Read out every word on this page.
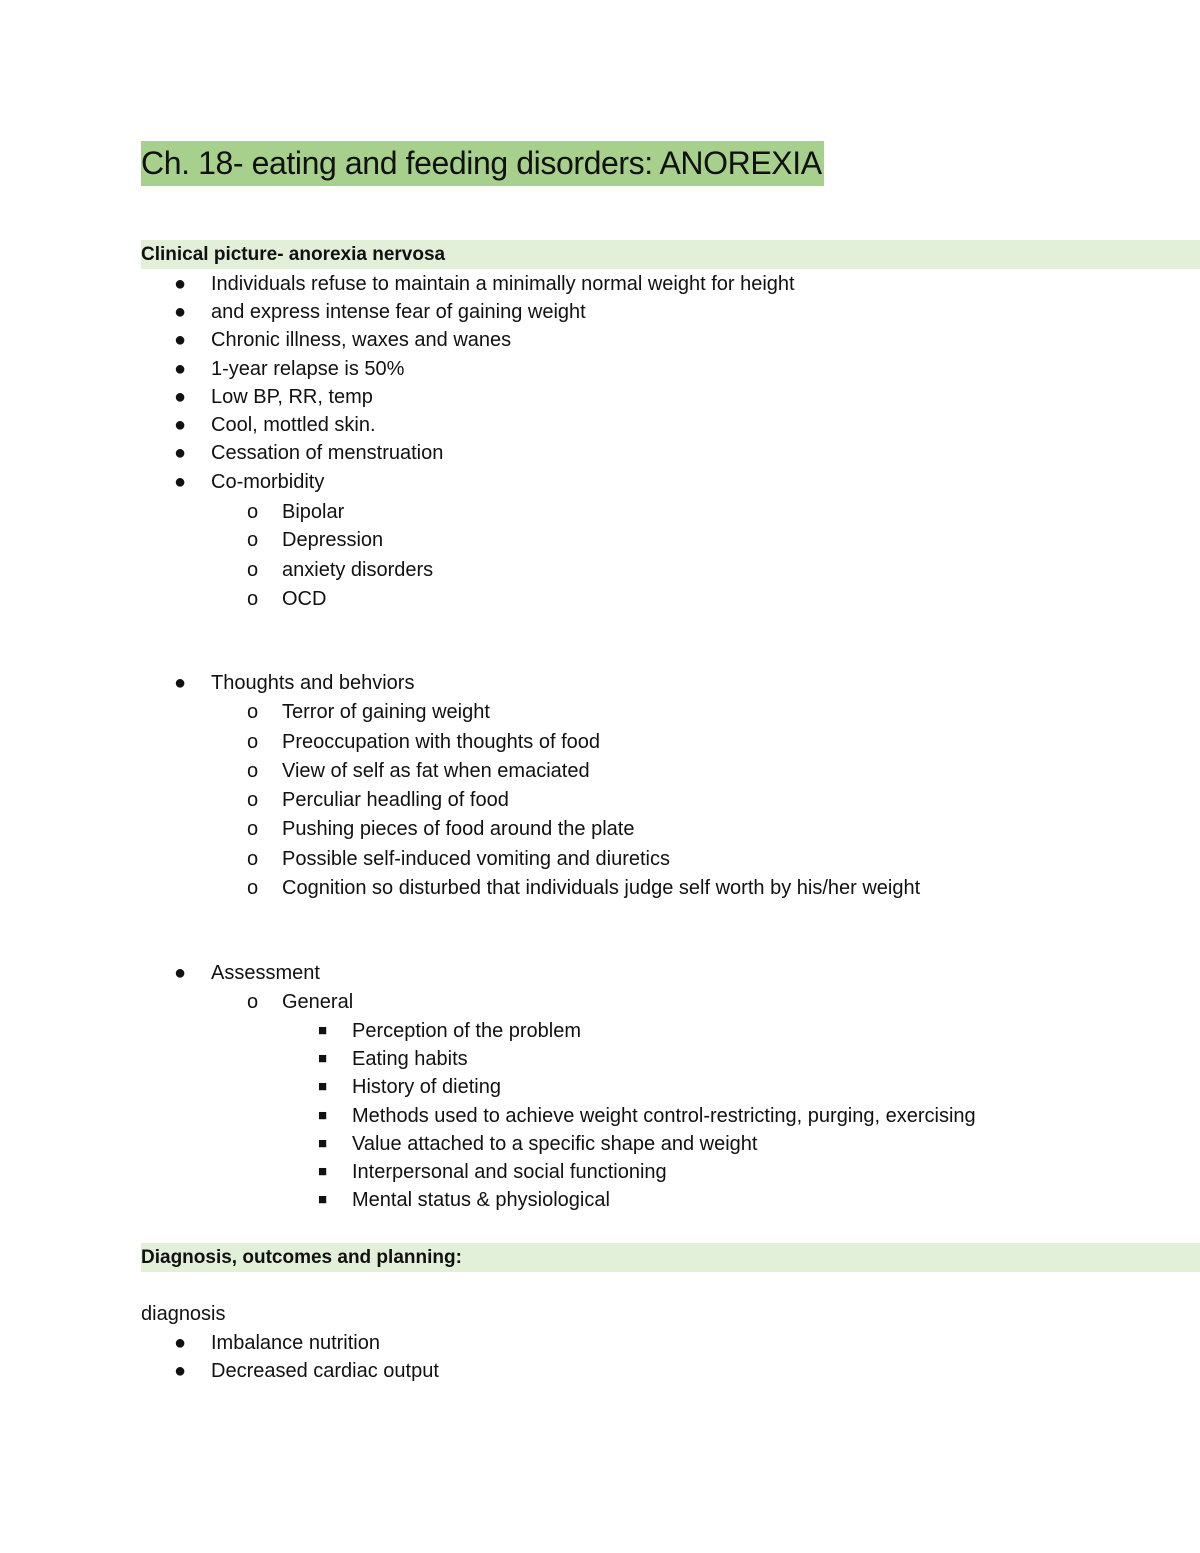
Ch. 18- eating and feeding disorders: ANOREXIA
Clinical picture- anorexia nervosa
● Individuals refuse to maintain a minimally normal weight for height
● and express intense fear of gaining weight
● Chronic illness, waxes and wanes
● 1-year relapse is 50%
● Low BP, RR, temp
● Cool, mottled skin.
● Cessation of menstruation
● Co-morbidity
o Bipolar
o Depression
o anxiety disorders
o OCD
● Thoughts and behviors
o Terror of gaining weight
o Preoccupation with thoughts of food
o View of self as fat when emaciated
o Perculiar headling of food
o Pushing pieces of food around the plate
o Possible self-induced vomiting and diuretics
o Cognition so disturbed that individuals judge self worth by his/her weight
● Assessment
o General
■ Perception of the problem
■ Eating habits
■ History of dieting
■ Methods used to achieve weight control-restricting, purging, exercising
■ Value attached to a specific shape and weight
■ Interpersonal and social functioning
■ Mental status & physiological
Diagnosis, outcomes and planning:
diagnosis
● Imbalance nutrition
● Decreased cardiac output
